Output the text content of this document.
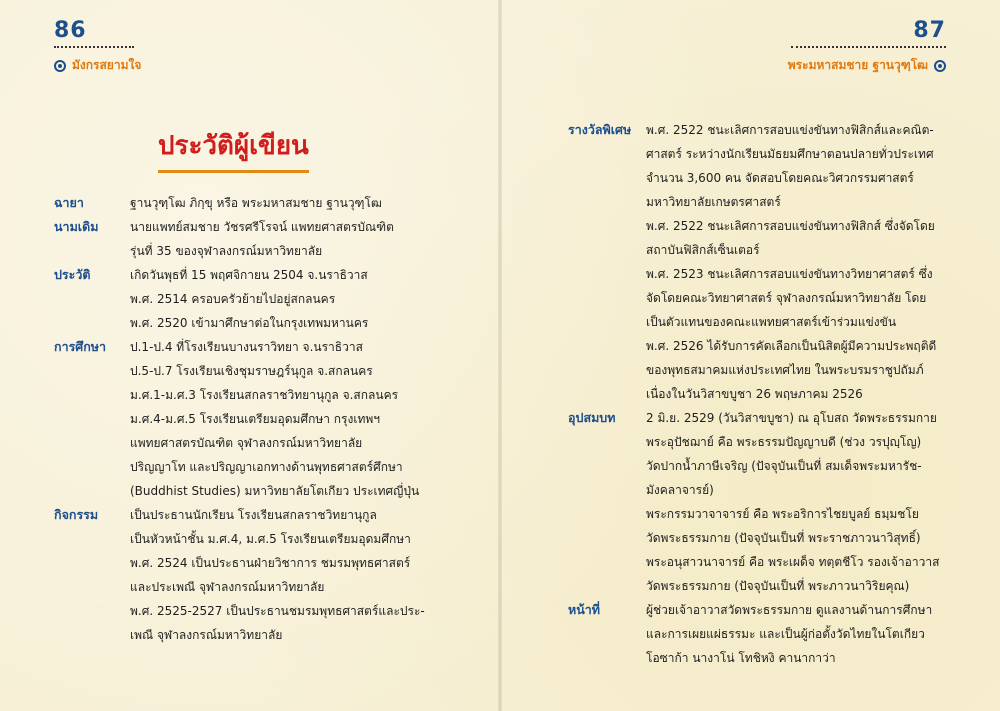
86
มังกรสยามใจ
87
พระมหาสมชาย ฐานวุฑฺโฒ
ประวัติผู้เขียน
ฉายา	ฐานวุฑฺโฒ ภิกฺขุ หรือ พระมหาสมชาย ฐานวุฑฺโฒ
นามเดิม	นายแพทย์สมชาย วัชรศรีโรจน์ แพทยศาสตรบัณฑิต
รุ่นที่ 35 ของจุฬาลงกรณ์มหาวิทยาลัย
ประวัติ	เกิดวันพุธที่ 15 พฤศจิกายน 2504 จ.นราธิวาส
พ.ศ. 2514 ครอบครัวย้ายไปอยู่สกลนคร
พ.ศ. 2520 เข้ามาศึกษาต่อในกรุงเทพมหานคร
การศึกษา	ป.1-ป.4 ที่โรงเรียนบางนราวิทยา จ.นราธิวาส
ป.5-ป.7 โรงเรียนเชิงชุมราษฎร์นุกูล จ.สกลนคร
ม.ศ.1-ม.ศ.3 โรงเรียนสกลราชวิทยานุกูล จ.สกลนคร
ม.ศ.4-ม.ศ.5 โรงเรียนเตรียมอุดมศึกษา กรุงเทพฯ
แพทยศาสตรบัณฑิต จุฬาลงกรณ์มหาวิทยาลัย
ปริญญาโท และปริญญาเอกทางด้านพุทธศาสตร์ศึกษา
(Buddhist Studies) มหาวิทยาลัยโตเกียว ประเทศญี่ปุ่น
กิจกรรม	เป็นประธานนักเรียน โรงเรียนสกลราชวิทยานุกูล
เป็นหัวหน้าชั้น ม.ศ.4, ม.ศ.5 โรงเรียนเตรียมอุดมศึกษา
พ.ศ. 2524 เป็นประธานฝ่ายวิชาการ ชมรมพุทธศาสตร์
และประเพณี จุฬาลงกรณ์มหาวิทยาลัย
พ.ศ. 2525-2527 เป็นประธานชมรมพุทธศาสตร์และประ-
เพณี จุฬาลงกรณ์มหาวิทยาลัย
รางวัลพิเศษ	พ.ศ. 2522 ชนะเลิศการสอบแข่งขันทางฟิสิกส์และคณิต-
ศาสตร์ ระหว่างนักเรียนมัธยมศึกษาตอนปลายทั่วประเทศ
จำนวน 3,600 คน จัดสอบโดยคณะวิศวกรรมศาสตร์
มหาวิทยาลัยเกษตรศาสตร์
พ.ศ. 2522 ชนะเลิศการสอบแข่งขันทางฟิสิกส์ ซึ่งจัดโดย
สถาบันฟิสิกส์เซ็นเตอร์
พ.ศ. 2523 ชนะเลิศการสอบแข่งขันทางวิทยาศาสตร์ ซึ่ง
จัดโดยคณะวิทยาศาสตร์ จุฬาลงกรณ์มหาวิทยาลัย โดย
เป็นตัวแทนของคณะแพทยศาสตร์เข้าร่วมแข่งขัน
พ.ศ. 2526 ได้รับการคัดเลือกเป็นนิสิตผู้มีความประพฤติดี
ของพุทธสมาคมแห่งประเทศไทย ในพระบรมราชูปถัมภ์
เนื่องในวันวิสาขบูชา 26 พฤษภาคม 2526
อุปสมบท	2 มิ.ย. 2529 (วันวิสาขบูชา) ณ อุโบสถ วัดพระธรรมกาย
พระอุปัชฌาย์ คือ พระธรรมปัญญาบดี (ช่วง วรปุญฺโญ)
วัดปากน้ำภาษีเจริญ (ปัจจุบันเป็นที่ สมเด็จพระมหารัช-
มังคลาจารย์)
พระกรรมวาจาจารย์ คือ พระอริการไชยบูลย์ ธมฺมชโย
วัดพระธรรมกาย (ปัจจุบันเป็นที่ พระราชภาวนาวิสุทธิ์)
พระอนุสาวนาจารย์ คือ พระเผด็จ ทตฺตชีโว รองเจ้าอาวาส
วัดพระธรรมกาย (ปัจจุบันเป็นที่ พระภาวนาวิริยคุณ)
หน้าที่	ผู้ช่วยเจ้าอาวาสวัดพระธรรมกาย ดูแลงานด้านการศึกษา
และการเผยแผ่ธรรมะ และเป็นผู้ก่อตั้งวัดไทยในโตเกียว
โอซาก้า นางาโน่ โทชิหงิ คานากาว่า
